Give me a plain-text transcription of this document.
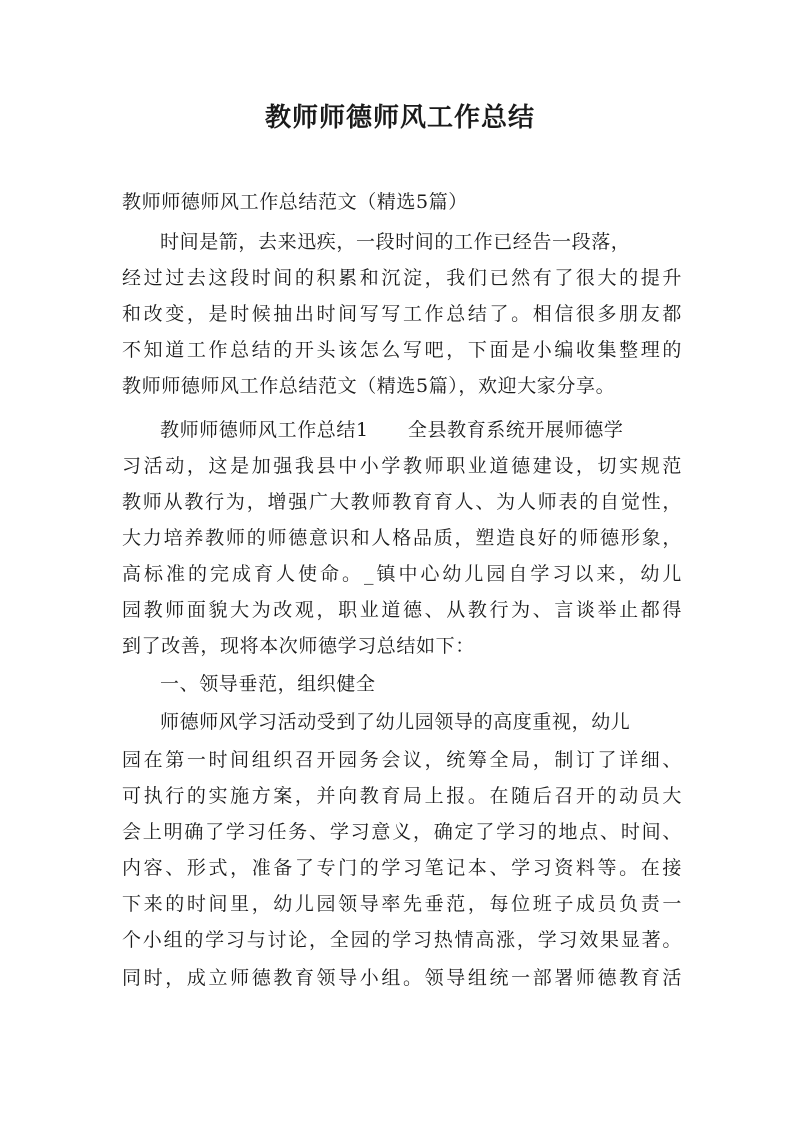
教师师德师风工作总结
教师师德师风工作总结范文（精选5篇）
时间是箭，去来迅疾，一段时间的工作已经告一段落，
经过过去这段时间的积累和沉淀，我们已然有了很大的提升
和改变，是时候抽出时间写写工作总结了。相信很多朋友都
不知道工作总结的开头该怎么写吧，下面是小编收集整理的
教师师德师风工作总结范文（精选5篇），欢迎大家分享。
教师师德师风工作总结1　　全县教育系统开展师德学
习活动，这是加强我县中小学教师职业道德建设，切实规范
教师从教行为，增强广大教师教育育人、为人师表的自觉性，
大力培养教师的师德意识和人格品质，塑造良好的师德形象，
高标准的完成育人使命。_镇中心幼儿园自学习以来，幼儿
园教师面貌大为改观，职业道德、从教行为、言谈举止都得
到了改善，现将本次师德学习总结如下：
一、领导垂范，组织健全
师德师风学习活动受到了幼儿园领导的高度重视，幼儿
园在第一时间组织召开园务会议，统筹全局，制订了详细、
可执行的实施方案，并向教育局上报。在随后召开的动员大
会上明确了学习任务、学习意义，确定了学习的地点、时间、
内容、形式，准备了专门的学习笔记本、学习资料等。在接
下来的时间里，幼儿园领导率先垂范，每位班子成员负责一
个小组的学习与讨论，全园的学习热情高涨，学习效果显著。
同时，成立师德教育领导小组。领导组统一部署师德教育活
